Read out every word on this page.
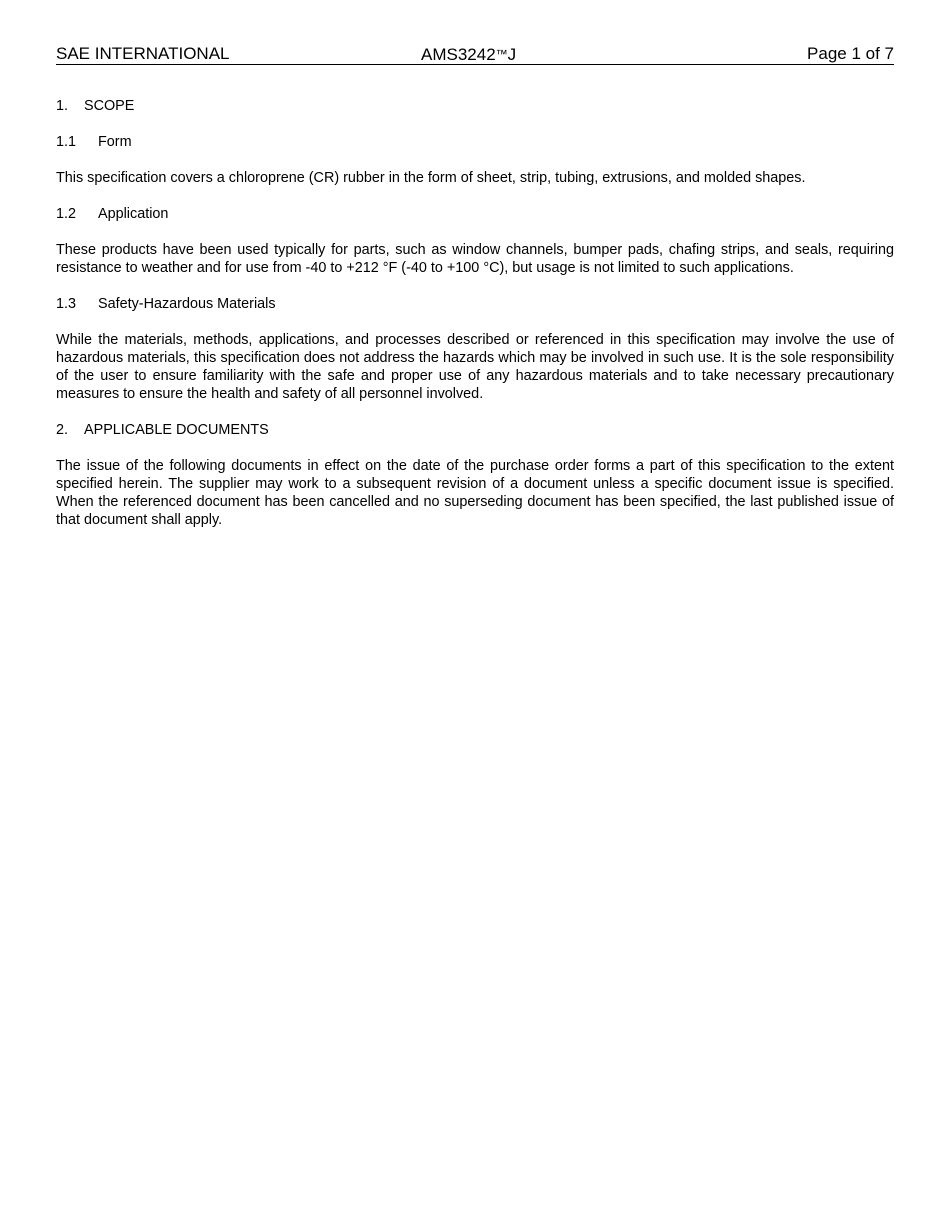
SAE INTERNATIONAL	AMS3242™J	Page 1 of 7

1. SCOPE

1.1 Form

This specification covers a chloroprene (CR) rubber in the form of sheet, strip, tubing, extrusions, and molded shapes.

1.2 Application

These products have been used typically for parts, such as window channels, bumper pads, chafing strips, and seals, requiring resistance to weather and for use from -40 to +212 °F (-40 to +100 °C), but usage is not limited to such applications.

1.3 Safety-Hazardous Materials

While the materials, methods, applications, and processes described or referenced in this specification may involve the use of hazardous materials, this specification does not address the hazards which may be involved in such use. It is the sole responsibility of the user to ensure familiarity with the safe and proper use of any hazardous materials and to take necessary precautionary measures to ensure the health and safety of all personnel involved.

2. APPLICABLE DOCUMENTS

The issue of the following documents in effect on the date of the purchase order forms a part of this specification to the extent specified herein. The supplier may work to a subsequent revision of a document unless a specific document issue is specified. When the referenced document has been cancelled and no superseding document has been specified, the last published issue of that document shall apply.
